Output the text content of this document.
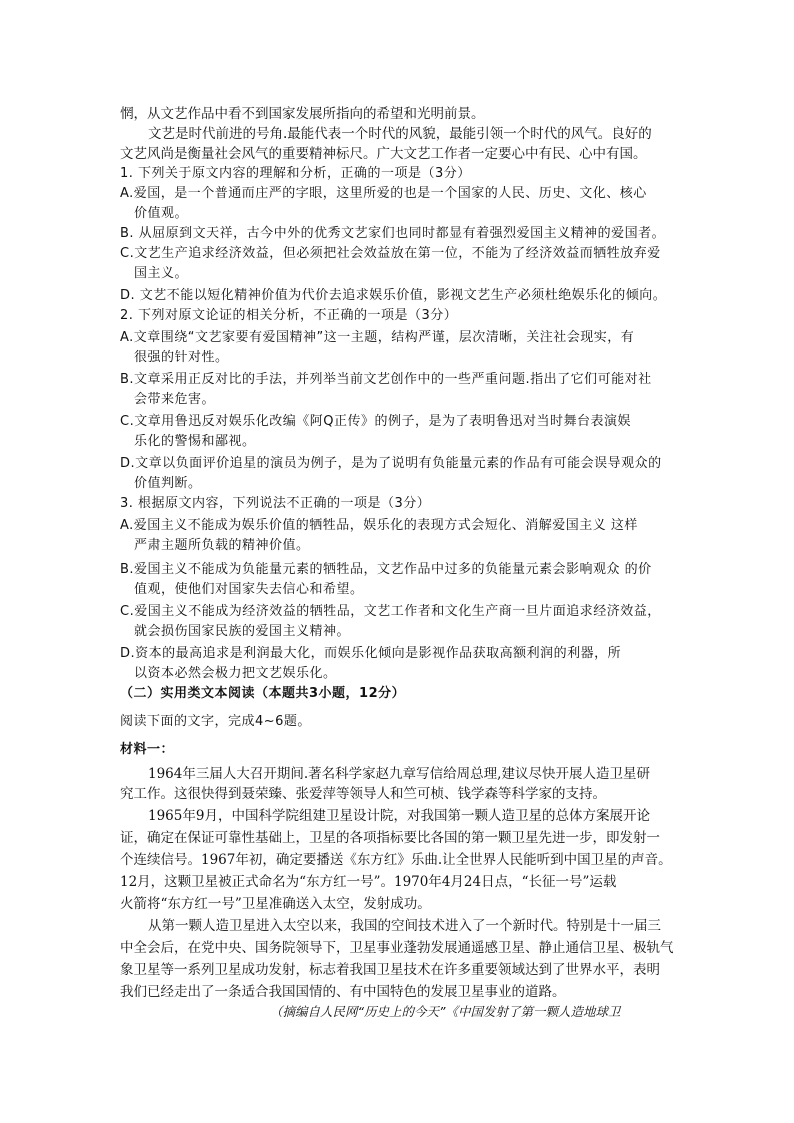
惘，从文艺作品中看不到国家发展所指向的希望和光明前景。
文艺是时代前进的号角.最能代表一个时代的风貌，最能引领一个时代的风气。良好的
文艺风尚是衡量社会风气的重要精神标尺。广大文艺工作者一定要心中有民、心中有国。
1. 下列关于原文内容的理解和分析，正确的一项是（3分）
A.爱国，是一个普通而庄严的字眼，这里所爱的也是一个国家的人民、历史、文化、核心
价值观。
B. 从屈原到文天祥，古今中外的优秀文艺家们也同时都显有着强烈爱国主义精神的爱国者。
C.文艺生产追求经济效益，但必须把社会效益放在第一位，不能为了经济效益而牺牲放弃爱
国主义。
D. 文艺不能以短化精神价值为代价去追求娱乐价值，影视文艺生产必须杜绝娱乐化的倾向。
2. 下列对原文论证的相关分析，不正确的一项是（3分）
A.文章围绕“文艺家要有爱国精神”这一主题，结构严谨，层次清晰，关注社会现实，有
很强的针对性。
B.文章采用正反对比的手法，并列举当前文艺创作中的一些严重问题.指出了它们可能对社
会带来危害。
C.文章用鲁迅反对娱乐化改编《阿Q正传》的例子，是为了表明鲁迅对当时舞台表演娱
乐化的警惕和鄙视。
D.文章以负面评价追星的演员为例子，是为了说明有负能量元素的作品有可能会误导观众的
价值判断。
3. 根据原文内容，下列说法不正确的一项是（3分）
A.爱国主义不能成为娱乐价值的牺牲品，娱乐化的表现方式会短化、消解爱国主义 这样
严肃主题所负载的精神价值。
B.爱国主义不能成为负能量元素的牺牲品，文艺作品中过多的负能量元素会影响观众 的价
值观，使他们对国家失去信心和希望。
C.爱国主义不能成为经济效益的牺牲品，文艺工作者和文化生产商一旦片面追求经济效益，
就会损伤国家民族的爱国主义精神。
D.资本的最高追求是利润最大化，而娱乐化倾向是影视作品获取高额利润的利器，所
以资本必然会极力把文艺娱乐化。
（二）实用类文本阅读（本题共3小题，12分）
阅读下面的文字，完成4~6题。
材料一：
1964年三届人大召开期间.著名科学家赵九章写信给周总理,建议尽快开展人造卫星研
究工作。这很快得到聂荣臻、张爱萍等领导人和竺可桢、钱学森等科学家的支持。
1965年9月，中国科学院组建卫星设计院，对我国第一颗人造卫星的总体方案展开论
证，确定在保证可靠性基础上，卫星的各项指标要比各国的第一颗卫星先进一步，即发射一
个连续信号。1967年初，确定要播送《东方红》乐曲.让全世界人民能听到中国卫星的声音。
12月，这颗卫星被正式命名为“东方红一号”。1970年4月24日点，“长征一号”运载
火箭将“东方红一号”卫星准确送入太空，发射成功。
从第一颗人造卫星进入太空以来，我国的空间技术进入了一个新时代。特别是十一届三
中全会后，在党中央、国务院领导下，卫星事业蓬勃发展通遥感卫星、静止通信卫星、极轨气
象卫星等一系列卫星成功发射，标志着我国卫星技术在许多重要领域达到了世界水平，表明
我们已经走出了一条适合我国国情的、有中国特色的发展卫星事业的道路。
（摘编自人民网“历史上的今天”《中国发射了第一颗人造地球卫
